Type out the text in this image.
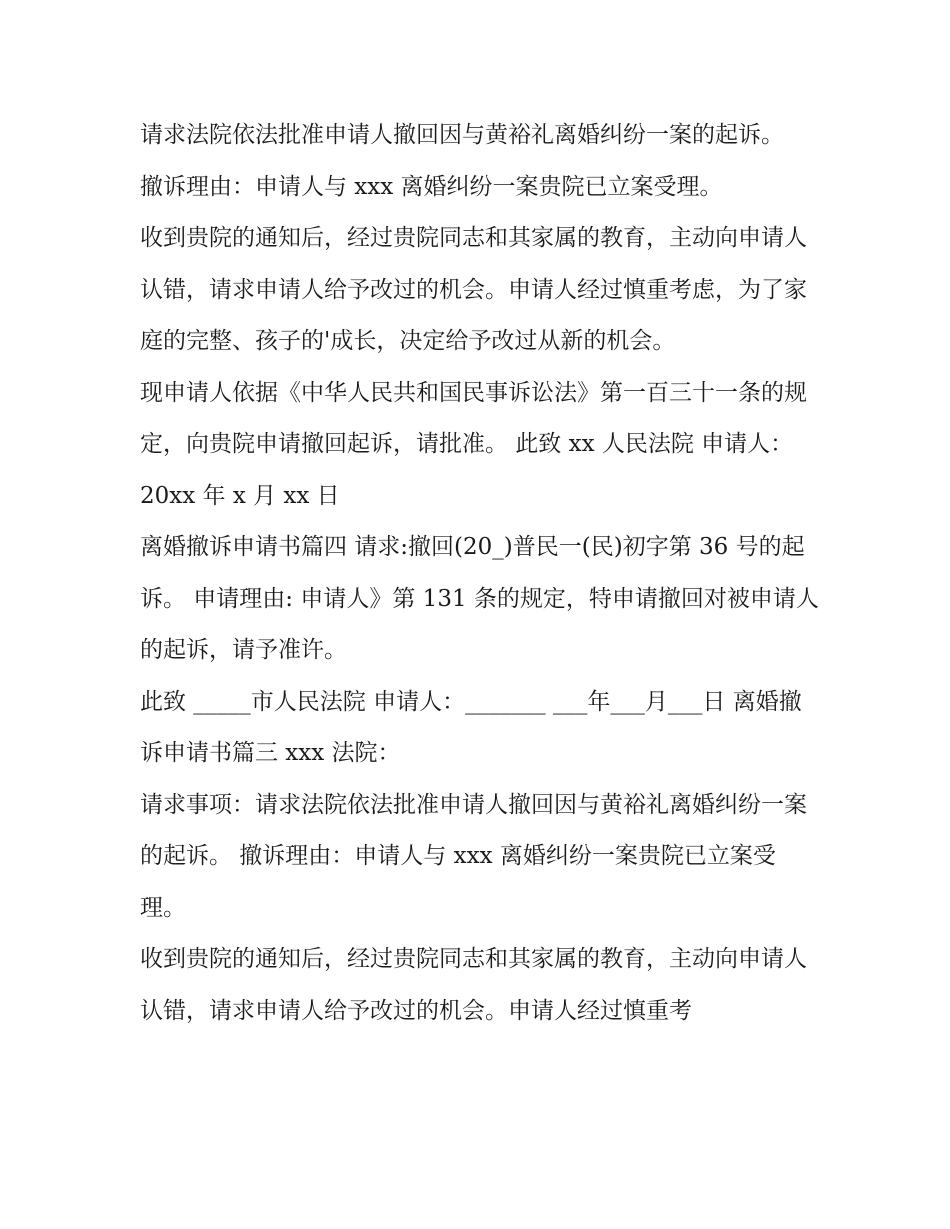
请求法院依法批准申请人撤回因与黄裕礼离婚纠纷一案的起诉。

撤诉理由：申请人与 xxx 离婚纠纷一案贵院已立案受理。

收到贵院的通知后，经过贵院同志和其家属的教育，主动向申请人认错，请求申请人给予改过的机会。申请人经过慎重考虑，为了家庭的完整、孩子的'成长，决定给予改过从新的机会。

现申请人依据《中华人民共和国民事诉讼法》第一百三十一条的规定，向贵院申请撤回起诉，请批准。 此致 xx 人民法院 申请人： 20xx 年 x 月 xx 日

离婚撤诉申请书篇四 请求:撤回(20_)普民一(民)初字第 36 号的起诉。 申请理由: 申请人》第 131 条的规定，特申请撤回对被申请人的起诉，请予准许。

此致 _____市人民法院 申请人：_______ ___年___月___日 离婚撤诉申请书篇三 xxx 法院：

请求事项：请求法院依法批准申请人撤回因与黄裕礼离婚纠纷一案的起诉。 撤诉理由：申请人与 xxx 离婚纠纷一案贵院已立案受理。

收到贵院的通知后，经过贵院同志和其家属的教育，主动向申请人认错，请求申请人给予改过的机会。申请人经过慎重考
